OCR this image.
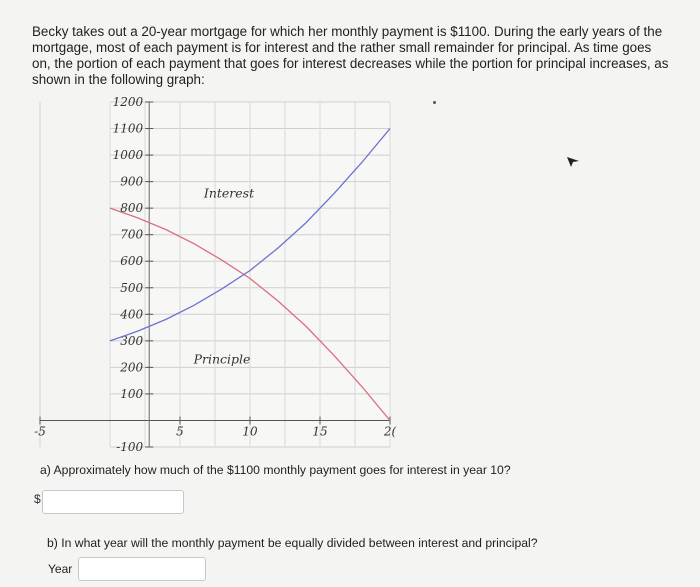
Becky takes out a 20-year mortgage for which her monthly payment is $1100. During the early years of the mortgage, most of each payment is for interest and the rather small remainder for principal. As time goes on, the portion of each payment that goes for interest decreases while the portion for principal increases, as shown in the following graph:

1200
1100
1000
900
800
700
600
500
400
300
200
100
-100
-5	5	10	15	2(
Interest
Principle
a) Approximately how much of the $1100 monthly payment goes for interest in year 10?
$
b) In what year will the monthly payment be equally divided between interest and principal?
Year
